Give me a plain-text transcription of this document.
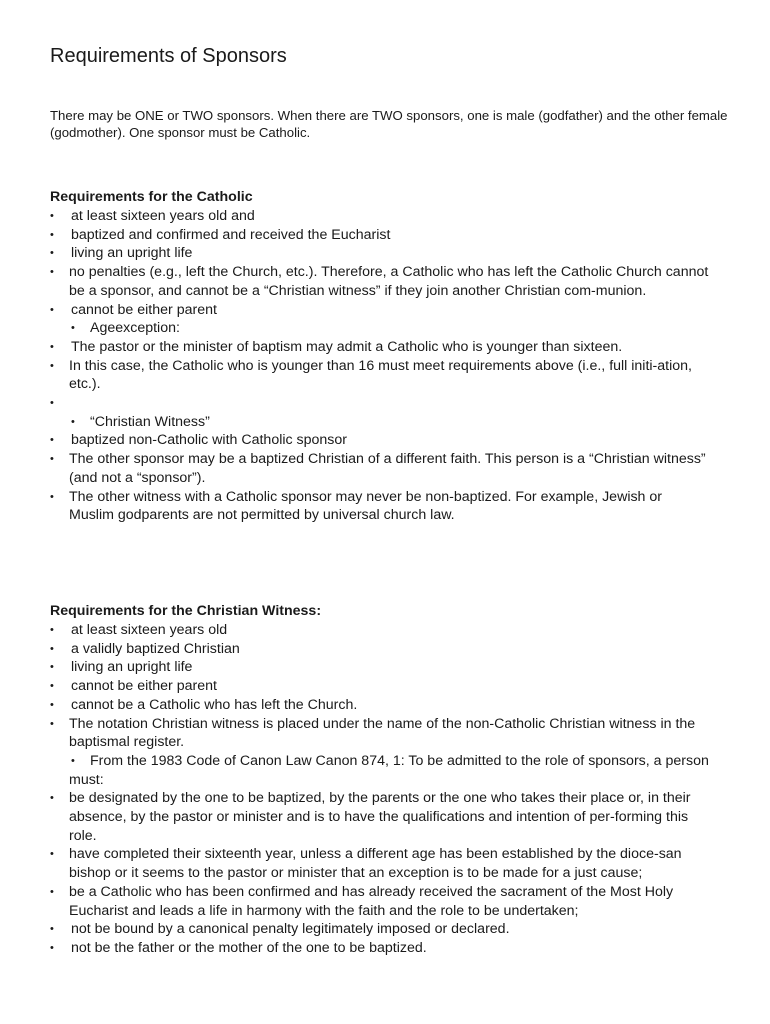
Requirements of Sponsors

There may be ONE or TWO sponsors. When there are TWO sponsors, one is male (godfather) and the other female (godmother). One sponsor must be Catholic.

Requirements for the Catholic
• at least sixteen years old and
• baptized and confirmed and received the Eucharist
• living an upright life
• no penalties (e.g., left the Church, etc.). Therefore, a Catholic who has left the Catholic Church cannot be a sponsor, and cannot be a “Christian witness” if they join another Christian com-munion.
• cannot be either parent
• Ageexception:
• The pastor or the minister of baptism may admit a Catholic who is younger than sixteen.
• In this case, the Catholic who is younger than 16 must meet requirements above (i.e., full initi-ation, etc.).
•
• “Christian Witness”
• baptized non-Catholic with Catholic sponsor
• The other sponsor may be a baptized Christian of a different faith. This person is a “Christian witness” (and not a “sponsor”).
• The other witness with a Catholic sponsor may never be non-baptized. For example, Jewish or Muslim godparents are not permitted by universal church law.
Requirements for the Christian Witness:
• at least sixteen years old
• a validly baptized Christian
• living an upright life
• cannot be either parent
• cannot be a Catholic who has left the Church.
• The notation Christian witness is placed under the name of the non-Catholic Christian witness in the baptismal register.
• From the 1983 Code of Canon Law Canon 874, 1: To be admitted to the role of sponsors, a person must:
• be designated by the one to be baptized, by the parents or the one who takes their place or, in their absence, by the pastor or minister and is to have the qualifications and intention of per-forming this role.
• have completed their sixteenth year, unless a different age has been established by the dioce-san bishop or it seems to the pastor or minister that an exception is to be made for a just cause;
• be a Catholic who has been confirmed and has already received the sacrament of the Most Holy Eucharist and leads a life in harmony with the faith and the role to be undertaken;
• not be bound by a canonical penalty legitimately imposed or declared.
• not be the father or the mother of the one to be baptized.
